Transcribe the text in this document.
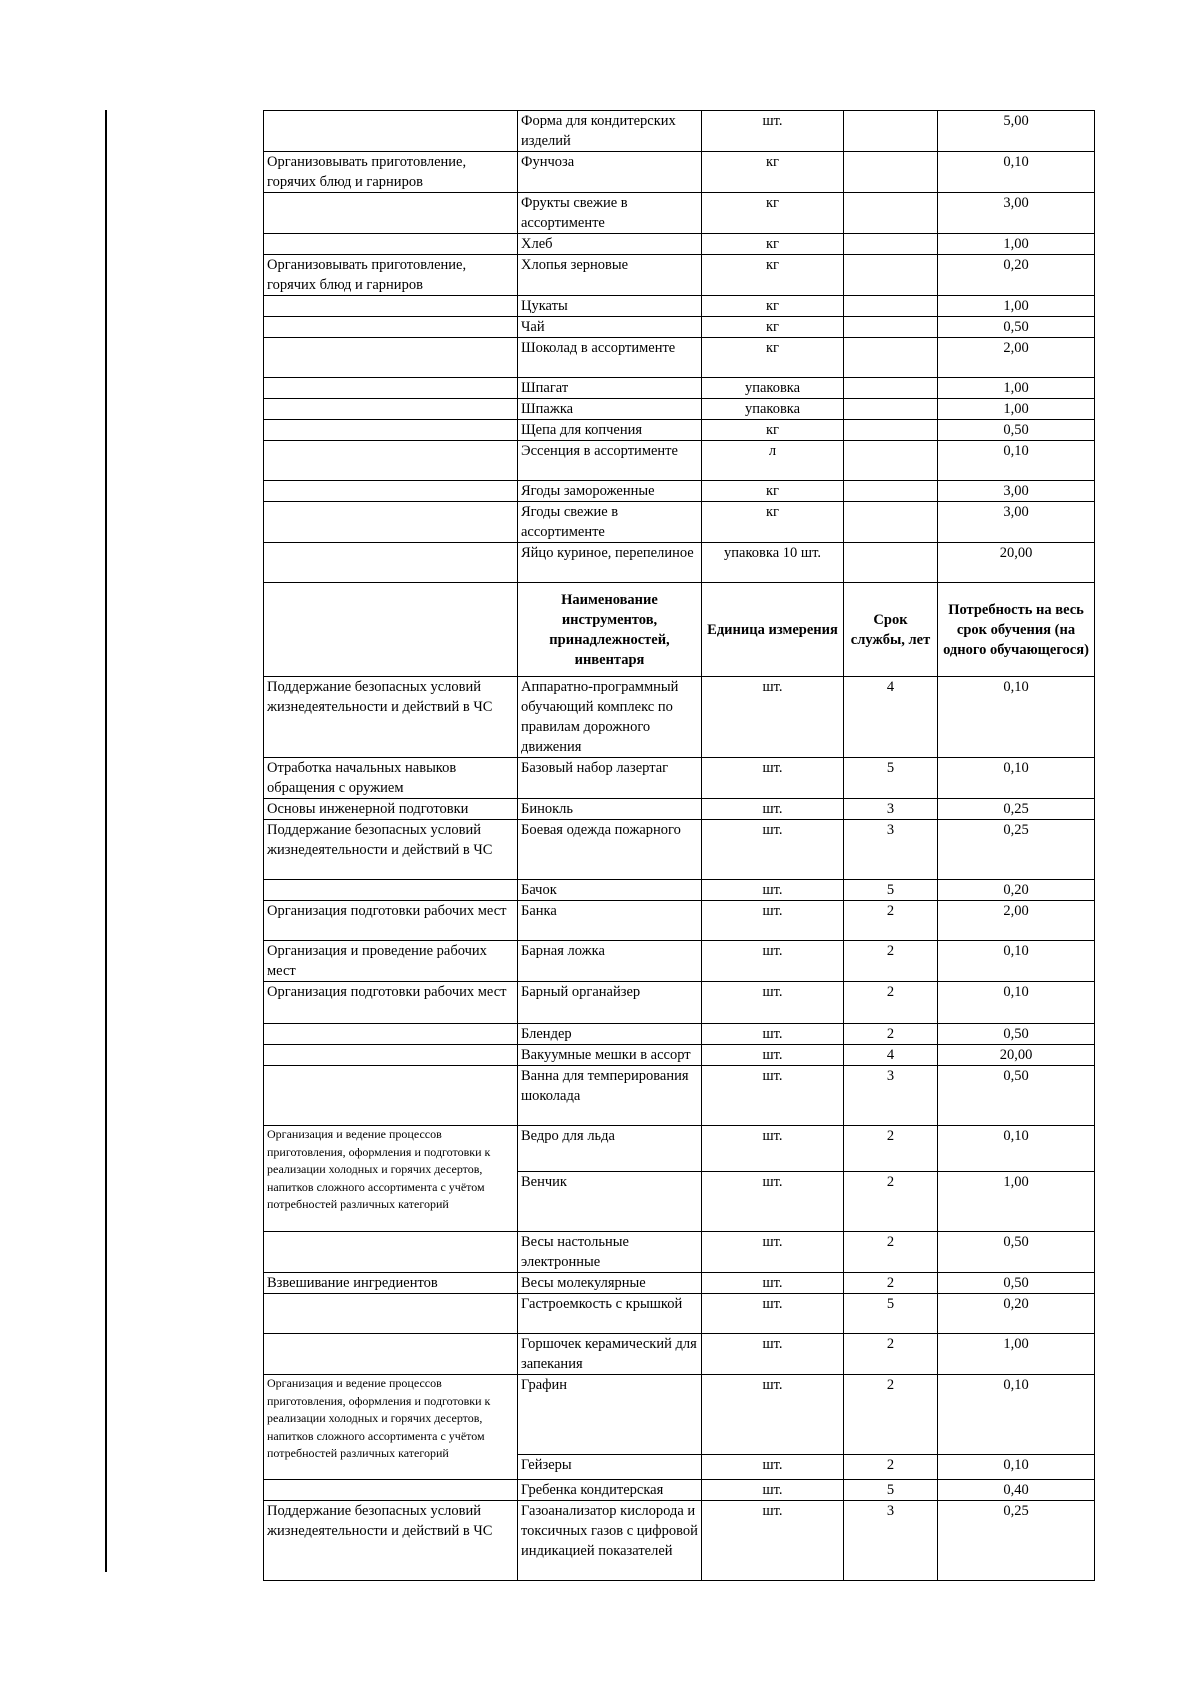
	Форма для кондитерских изделий	шт.		5,00
Организовывать приготовление, горячих блюд и гарниров	Фунчоза	кг		0,10
	Фрукты свежие в ассортименте	кг		3,00
	Хлеб	кг		1,00
Организовывать приготовление, горячих блюд и гарниров	Хлопья зерновые	кг		0,20
	Цукаты	кг		1,00
	Чай	кг		0,50
	Шоколад в ассортименте	кг		2,00
	Шпагат	упаковка		1,00
	Шпажка	упаковка		1,00
	Щепа для копчения	кг		0,50
	Эссенция в ассортименте	л		0,10
	Ягоды замороженные	кг		3,00
	Ягоды свежие в ассортименте	кг		3,00
	Яйцо куриное, перепелиное	упаковка 10 шт.		20,00
	Наименование инструментов, принадлежностей, инвентаря	Единица измерения	Срок службы, лет	Потребность на весь срок обучения (на одного обучающегося)
Поддержание безопасных условий жизнедеятельности и действий в ЧС	Аппаратно-программный обучающий комплекс по правилам дорожного движения	шт.	4	0,10
Отработка начальных навыков обращения с оружием	Базовый набор лазертаг	шт.	5	0,10
Основы инженерной подготовки	Бинокль	шт.	3	0,25
Поддержание безопасных условий жизнедеятельности и действий в ЧС	Боевая одежда пожарного	шт.	3	0,25
	Бачок	шт.	5	0,20
Организация подготовки рабочих мест	Банка	шт.	2	2,00
Организация и проведение рабочих мест	Барная ложка	шт.	2	0,10
Организация подготовки рабочих мест	Барный органайзер	шт.	2	0,10
	Блендер	шт.	2	0,50
	Вакуумные мешки в ассорт	шт.	4	20,00
	Ванна для темперирования шоколада	шт.	3	0,50
Организация и ведение процессов приготовления, оформления и подготовки к реализации холодных и горячих десертов, напитков сложного ассортимента с учётом потребностей различных категорий	Ведро для льда	шт.	2	0,10
	Венчик	шт.	2	1,00
	Весы настольные электронные	шт.	2	0,50
Взвешивание ингредиентов	Весы молекулярные	шт.	2	0,50
	Гастроемкость с крышкой	шт.	5	0,20
	Горшочек керамический для запекания	шт.	2	1,00
Организация и ведение процессов приготовления, оформления и подготовки к реализации холодных и горячих десертов, напитков сложного ассортимента с учётом потребностей различных категорий	Графин	шт.	2	0,10
	Гейзеры	шт.	2	0,10
	Гребенка кондитерская	шт.	5	0,40
Поддержание безопасных условий жизнедеятельности и действий в ЧС	Газоанализатор кислорода и токсичных газов с цифровой индикацией показателей	шт.	3	0,25
